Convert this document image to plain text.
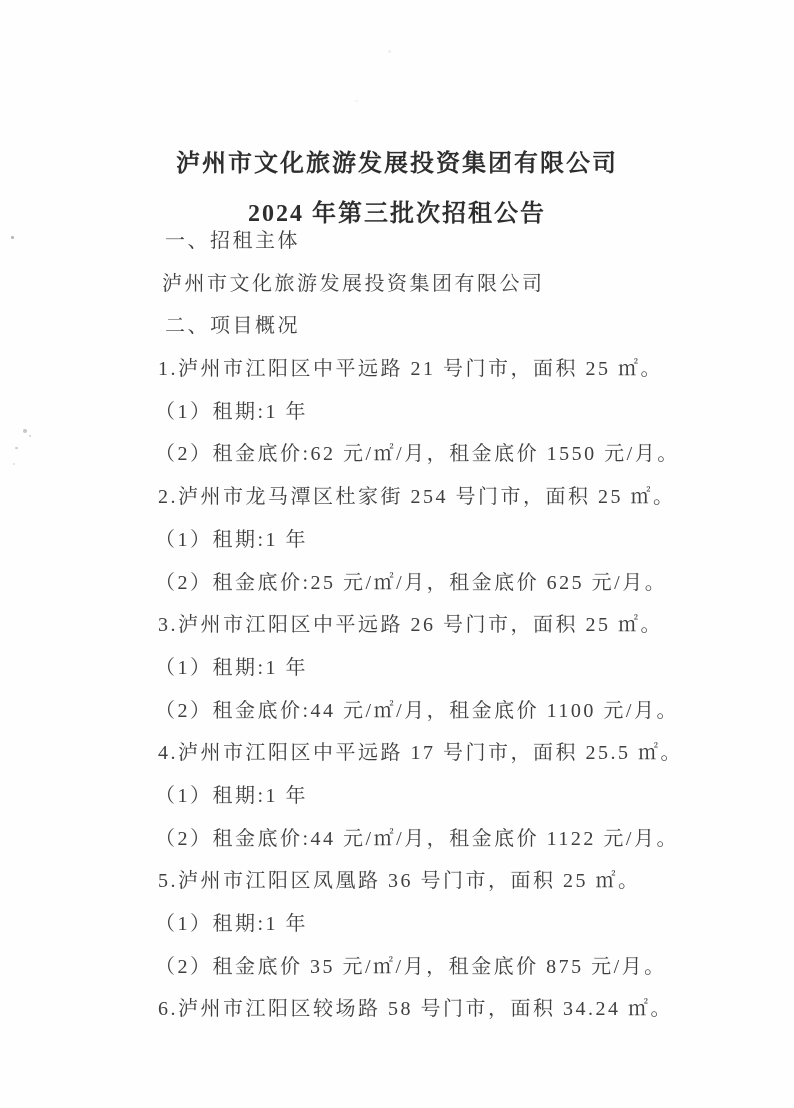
泸州市文化旅游发展投资集团有限公司
2024 年第三批次招租公告
一、招租主体
泸州市文化旅游发展投资集团有限公司
二、项目概况
1.泸州市江阳区中平远路 21 号门市，面积 25 ㎡。
（1）租期:1 年
（2）租金底价:62 元/㎡/月，租金底价 1550 元/月。
2.泸州市龙马潭区杜家街 254 号门市，面积 25 ㎡。
（1）租期:1 年
（2）租金底价:25 元/㎡/月，租金底价 625 元/月。
3.泸州市江阳区中平远路 26 号门市，面积 25 ㎡。
（1）租期:1 年
（2）租金底价:44 元/㎡/月，租金底价 1100 元/月。
4.泸州市江阳区中平远路 17 号门市，面积 25.5 ㎡。
（1）租期:1 年
（2）租金底价:44 元/㎡/月，租金底价 1122 元/月。
5.泸州市江阳区凤凰路 36 号门市，面积 25 ㎡。
（1）租期:1 年
（2）租金底价 35 元/㎡/月，租金底价 875 元/月。
6.泸州市江阳区较场路 58 号门市，面积 34.24 ㎡。
